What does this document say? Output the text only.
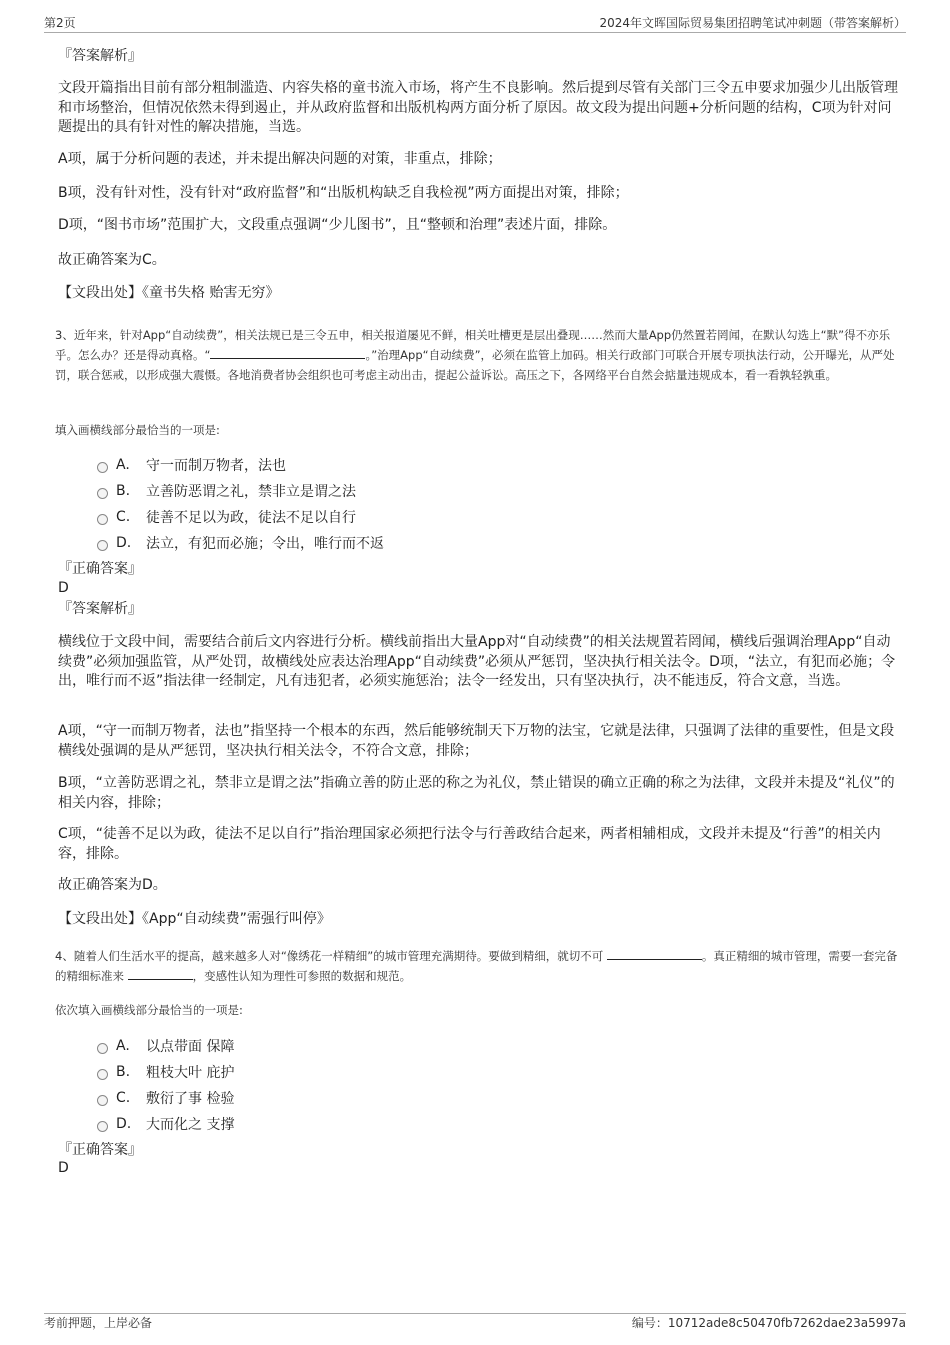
第2页	2024年文晖国际贸易集团招聘笔试冲刺题（带答案解析）
『答案解析』
文段开篇指出目前有部分粗制滥造、内容失格的童书流入市场，将产生不良影响。然后提到尽管有关部门三令五申要求加强少儿出版管理和市场整治，但情况依然未得到遏止，并从政府监督和出版机构两方面分析了原因。故文段为提出问题+分析问题的结构，C项为针对问题提出的具有针对性的解决措施，当选。
A项，属于分析问题的表述，并未提出解决问题的对策，非重点，排除；
B项，没有针对性，没有针对“政府监督”和“出版机构缺乏自我检视”两方面提出对策，排除；
D项，“图书市场”范围扩大，文段重点强调“少儿图书”，且“整顿和治理”表述片面，排除。
故正确答案为C。
【文段出处】《童书失格 贻害无穷》
3、近年来，针对App“自动续费”，相关法规已是三令五申，相关报道屡见不鲜，相关吐槽更是层出叠现……然而大量App仍然置若罔闻，在默认勾选上“默”得不亦乐乎。怎么办？还是得动真格。“	。”治理App“自动续费”，必须在监管上加码。相关行政部门可联合开展专项执法行动，公开曝光，从严处罚，联合惩戒，以形成强大震慑。各地消费者协会组织也可考虑主动出击，提起公益诉讼。高压之下，各网络平台自然会掂量违规成本，看一看孰轻孰重。
填入画横线部分最恰当的一项是:
A.	守一而制万物者，法也
B.	立善防恶谓之礼，禁非立是谓之法
C.	徒善不足以为政，徒法不足以自行
D.	法立，有犯而必施；令出，唯行而不返
『正确答案』
D
『答案解析』
横线位于文段中间，需要结合前后文内容进行分析。横线前指出大量App对“自动续费”的相关法规置若罔闻，横线后强调治理App“自动续费”必须加强监管，从严处罚，故横线处应表达治理App“自动续费”必须从严惩罚，坚决执行相关法令。D项，“法立，有犯而必施；令出，唯行而不返”指法律一经制定，凡有违犯者，必须实施惩治；法令一经发出，只有坚决执行，决不能违反，符合文意，当选。
A项，“守一而制万物者，法也”指坚持一个根本的东西，然后能够统制天下万物的法宝，它就是法律，只强调了法律的重要性，但是文段横线处强调的是从严惩罚，坚决执行相关法令，不符合文意，排除；
B项，“立善防恶谓之礼，禁非立是谓之法”指确立善的防止恶的称之为礼仪，禁止错误的确立正确的称之为法律，文段并未提及“礼仪”的相关内容，排除；
C项，“徒善不足以为政，徒法不足以自行”指治理国家必须把行法令与行善政结合起来，两者相辅相成，文段并未提及“行善”的相关内容，排除。
故正确答案为D。
【文段出处】《App“自动续费”需强行叫停》
4、随着人们生活水平的提高，越来越多人对“像绣花一样精细”的城市管理充满期待。要做到精细，就切不可	。真正精细的城市管理，需要一套完备的精细标准来	，变感性认知为理性可参照的数据和规范。
依次填入画横线部分最恰当的一项是:
A.	以点带面 保障
B.	粗枝大叶 庇护
C.	敷衍了事 检验
D.	大而化之 支撑
『正确答案』
D
考前押题，上岸必备	编号：10712ade8c50470fb7262dae23a5997a
